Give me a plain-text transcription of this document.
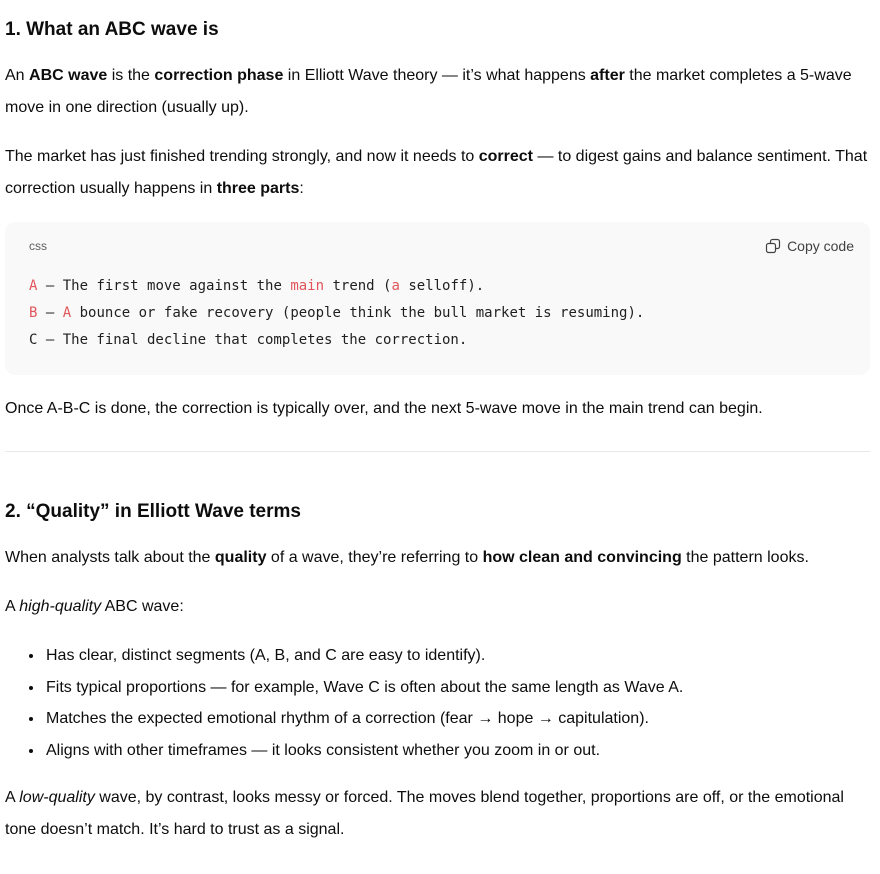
1. What an ABC wave is

An ABC wave is the correction phase in Elliott Wave theory — it’s what happens after the market completes a 5-wave move in one direction (usually up).

The market has just finished trending strongly, and now it needs to correct — to digest gains and balance sentiment. That correction usually happens in three parts:

css	Copy code
A – The first move against the main trend (a selloff).
B – A bounce or fake recovery (people think the bull market is resuming).
C – The final decline that completes the correction.

Once A-B-C is done, the correction is typically over, and the next 5-wave move in the main trend can begin.

2. “Quality” in Elliott Wave terms

When analysts talk about the quality of a wave, they’re referring to how clean and convincing the pattern looks.

A high-quality ABC wave:

• Has clear, distinct segments (A, B, and C are easy to identify).
• Fits typical proportions — for example, Wave C is often about the same length as Wave A.
• Matches the expected emotional rhythm of a correction (fear → hope → capitulation).
• Aligns with other timeframes — it looks consistent whether you zoom in or out.

A low-quality wave, by contrast, looks messy or forced. The moves blend together, proportions are off, or the emotional tone doesn’t match. It’s hard to trust as a signal.
